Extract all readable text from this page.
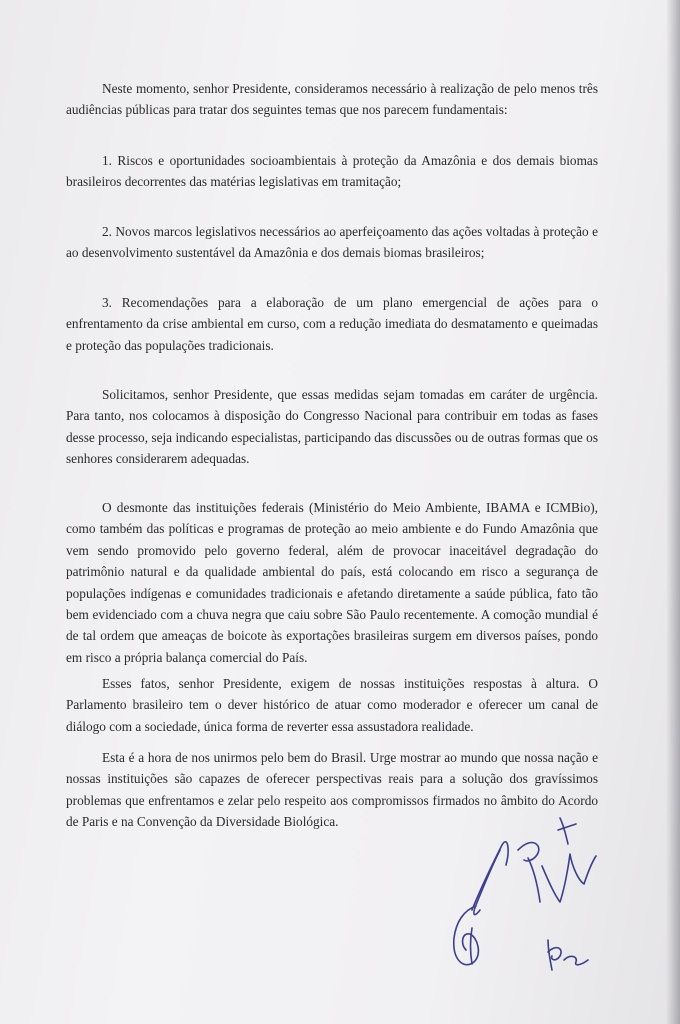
Neste momento, senhor Presidente, consideramos necessário à realização de pelo menos três audiências públicas para tratar dos seguintes temas que nos parecem fundamentais:

1. Riscos e oportunidades socioambientais à proteção da Amazônia e dos demais biomas brasileiros decorrentes das matérias legislativas em tramitação;

2. Novos marcos legislativos necessários ao aperfeiçoamento das ações voltadas à proteção e ao desenvolvimento sustentável da Amazônia e dos demais biomas brasileiros;

3. Recomendações para a elaboração de um plano emergencial de ações para o enfrentamento da crise ambiental em curso, com a redução imediata do desmatamento e queimadas e proteção das populações tradicionais.

Solicitamos, senhor Presidente, que essas medidas sejam tomadas em caráter de urgência. Para tanto, nos colocamos à disposição do Congresso Nacional para contribuir em todas as fases desse processo, seja indicando especialistas, participando das discussões ou de outras formas que os senhores considerarem adequadas.

O desmonte das instituições federais (Ministério do Meio Ambiente, IBAMA e ICMBio), como também das políticas e programas de proteção ao meio ambiente e do Fundo Amazônia que vem sendo promovido pelo governo federal, além de provocar inaceitável degradação do patrimônio natural e da qualidade ambiental do país, está colocando em risco a segurança de populações indígenas e comunidades tradicionais e afetando diretamente a saúde pública, fato tão bem evidenciado com a chuva negra que caiu sobre São Paulo recentemente. A comoção mundial é de tal ordem que ameaças de boicote às exportações brasileiras surgem em diversos países, pondo em risco a própria balança comercial do País.

Esses fatos, senhor Presidente, exigem de nossas instituições respostas à altura. O Parlamento brasileiro tem o dever histórico de atuar como moderador e oferecer um canal de diálogo com a sociedade, única forma de reverter essa assustadora realidade.

Esta é a hora de nos unirmos pelo bem do Brasil. Urge mostrar ao mundo que nossa nação e nossas instituições são capazes de oferecer perspectivas reais para a solução dos gravíssimos problemas que enfrentamos e zelar pelo respeito aos compromissos firmados no âmbito do Acordo de Paris e na Convenção da Diversidade Biológica.
